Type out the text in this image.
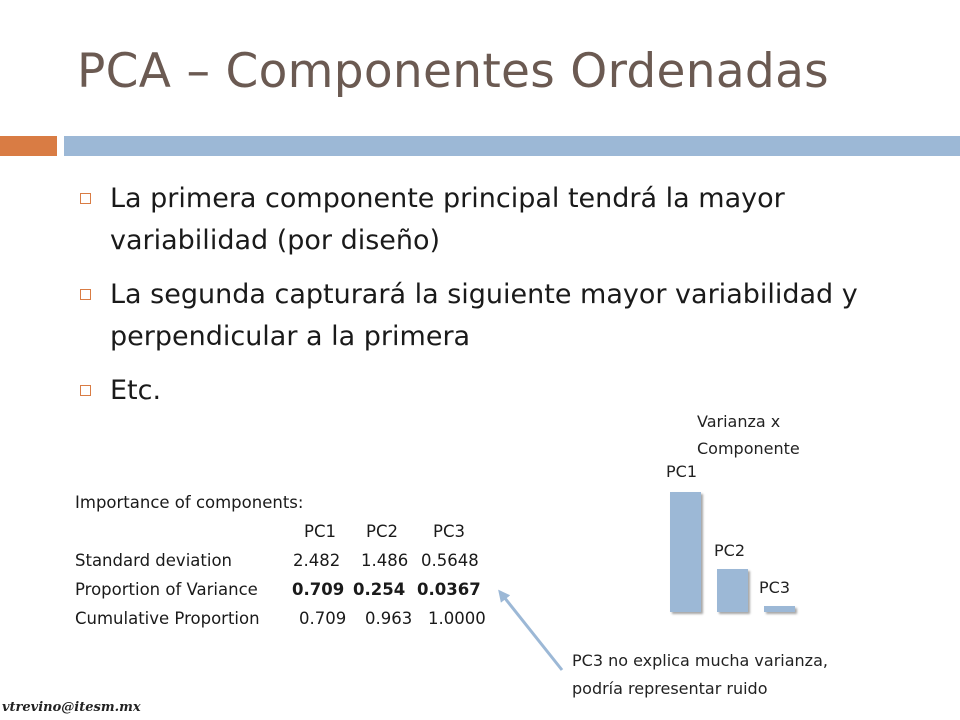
PCA – Componentes Ordenadas
La primera componente principal tendrá la mayor variabilidad (por diseño)
La segunda capturará la siguiente mayor variabilidad y perpendicular a la primera
Etc.
Importance of components:
PC1 PC2 PC3
Standard deviation	2.482 1.486 0.5648
Proportion of Variance 0.709 0.254 0.0367
Cumulative Proportion 0.709 0.963 1.0000
Varianza x
Componente
PC3 no explica mucha varianza,
podría representar ruido
vtrevino@itesm.mx
PC1
PC2
PC3
